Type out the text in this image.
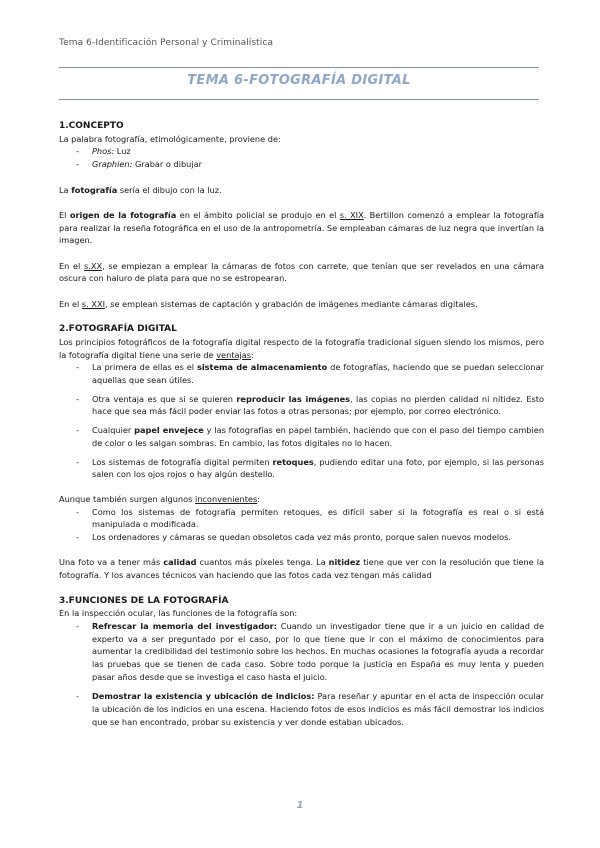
Tema 6-Identificación Personal y Criminalística
TEMA 6-FOTOGRAFÍA DIGITAL

1.CONCEPTO

La palabra fotografía, etimológicamente, proviene de:

- Phos: Luz
- Graphien: Grabar o dibujar

La fotografía sería el dibujo con la luz.

El origen de la fotografía en el ámbito policial se produjo en el s. XIX. Bertillon comenzó a emplear la fotografía para realizar la reseña fotográfica en el uso de la antropometría. Se empleaban cámaras de luz negra que invertían la imagen.

En el s.XX, se empiezan a emplear la cámaras de fotos con carrete, que tenían que ser revelados en una cámara oscura con haluro de plata para que no se estropearan.

En el s. XXI, se emplean sistemas de captación y grabación de imágenes mediante cámaras digitales.

2.FOTOGRAFÍA DIGITAL

Los principios fotográficos de la fotografía digital respecto de la fotografía tradicional siguen siendo los mismos, pero la fotografía digital tiene una serie de ventajas:

- La primera de ellas es el sistema de almacenamiento de fotografías, haciendo que se puedan seleccionar aquellas que sean útiles.
- Otra ventaja es que si se quieren reproducir las imágenes, las copias no pierden calidad ni nitidez. Esto hace que sea más fácil poder enviar las fotos a otras personas; por ejemplo, por correo electrónico.
- Cualquier papel envejece y las fotografías en papel también, haciendo que con el paso del tiempo cambien de color o les salgan sombras. En cambio, las fotos digitales no lo hacen.
- Los sistemas de fotografía digital permiten retoques, pudiendo editar una foto, por ejemplo, si las personas salen con los ojos rojos o hay algún destello.

Aunque también surgen algunos inconvenientes:

- Como los sistemas de fotografía permiten retoques, es difícil saber si la fotografía es real o si está manipulada o modificada.
- Los ordenadores y cámaras se quedan obsoletos cada vez más pronto, porque salen nuevos modelos.

Una foto va a tener más calidad cuantos más píxeles tenga. La nitidez tiene que ver con la resolución que tiene la fotografía. Y los avances técnicos van haciendo que las fotos cada vez tengan más calidad

3.FUNCIONES DE LA FOTOGRAFÍA

En la inspección ocular, las funciones de la fotografía son:

- Refrescar la memoria del investigador: Cuando un investigador tiene que ir a un juicio en calidad de experto va a ser preguntado por el caso, por lo que tiene que ir con el máximo de conocimientos para aumentar la credibilidad del testimonio sobre los hechos. En muchas ocasiones la fotografía ayuda a recordar las pruebas que se tienen de cada caso. Sobre todo porque la justicia en España es muy lenta y pueden pasar años desde que se investiga el caso hasta el juicio.
- Demostrar la existencia y ubicación de indicios: Para reseñar y apuntar en el acta de inspección ocular la ubicación de los indicios en una escena. Haciendo fotos de esos indicios es más fácil demostrar los indicios que se han encontrado, probar su existencia y ver donde estaban ubicados.
1
